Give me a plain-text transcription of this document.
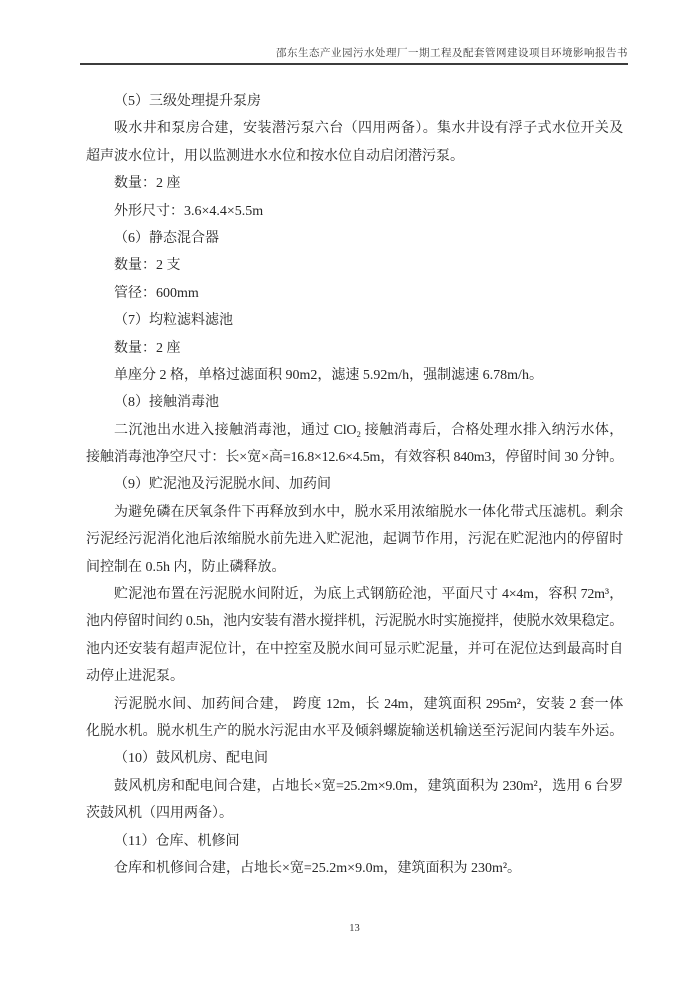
邵东生态产业园污水处理厂一期工程及配套管网建设项目环境影响报告书
（5）三级处理提升泵房
吸水井和泵房合建，安装潜污泵六台（四用两备）。集水井设有浮子式水位开关及
超声波水位计，用以监测进水水位和按水位自动启闭潜污泵。
数量：2 座
外形尺寸：3.6×4.4×5.5m
（6）静态混合器
数量：2 支
管径：600mm
（7）均粒滤料滤池
数量：2 座
单座分 2 格，单格过滤面积 90m2，滤速 5.92m/h，强制滤速 6.78m/h。
（8）接触消毒池
二沉池出水进入接触消毒池，通过 ClO₂ 接触消毒后，合格处理水排入纳污水体，
接触消毒池净空尺寸：长×宽×高=16.8×12.6×4.5m，有效容积 840m3，停留时间 30 分钟。
（9）贮泥池及污泥脱水间、加药间
为避免磷在厌氧条件下再释放到水中，脱水采用浓缩脱水一体化带式压滤机。剩余
污泥经污泥消化池后浓缩脱水前先进入贮泥池，起调节作用，污泥在贮泥池内的停留时
间控制在 0.5h 内，防止磷释放。
贮泥池布置在污泥脱水间附近，为底上式钢筋砼池，平面尺寸 4×4m，容积 72m³，
池内停留时间约 0.5h，池内安装有潜水搅拌机，污泥脱水时实施搅拌，使脱水效果稳定。
池内还安装有超声泥位计，在中控室及脱水间可显示贮泥量，并可在泥位达到最高时自
动停止进泥泵。
污泥脱水间、加药间合建， 跨度 12m，长 24m，建筑面积 295m²，安装 2 套一体
化脱水机。脱水机生产的脱水污泥由水平及倾斜螺旋输送机输送至污泥间内装车外运。
（10）鼓风机房、配电间
鼓风机房和配电间合建，占地长×宽=25.2m×9.0m，建筑面积为 230m²，选用 6 台罗
茨鼓风机（四用两备）。
（11）仓库、机修间
仓库和机修间合建，占地长×宽=25.2m×9.0m，建筑面积为 230m²。
13
